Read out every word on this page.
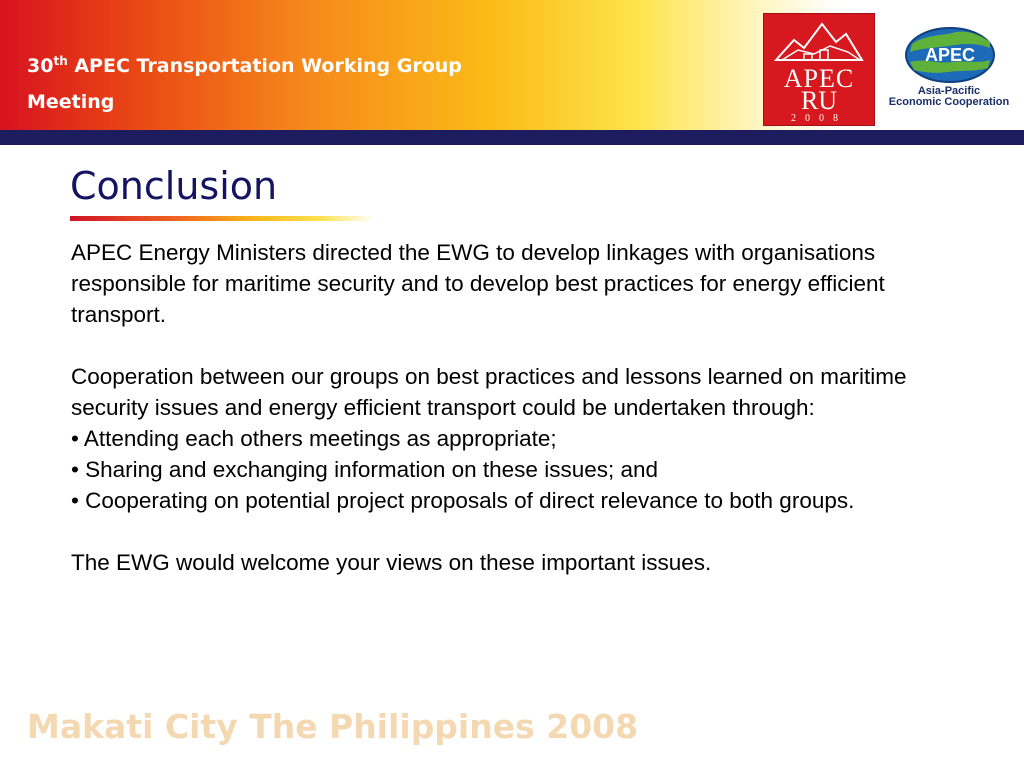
30th APEC Transportation Working Group
Meeting
APEC
RU
2008
APEC
Asia-Pacific
Economic Cooperation
Conclusion

APEC Energy Ministers directed the EWG to develop linkages with organisations responsible for maritime security and to develop best practices for energy efficient transport.

Cooperation between our groups on best practices and lessons learned on maritime security issues and energy efficient transport could be undertaken through:

• Attending each others meetings as appropriate;

• Sharing and exchanging information on these issues; and

• Cooperating on potential project proposals of direct relevance to both groups.

The EWG would welcome your views on these important issues.

Makati City The Philippines 2008
